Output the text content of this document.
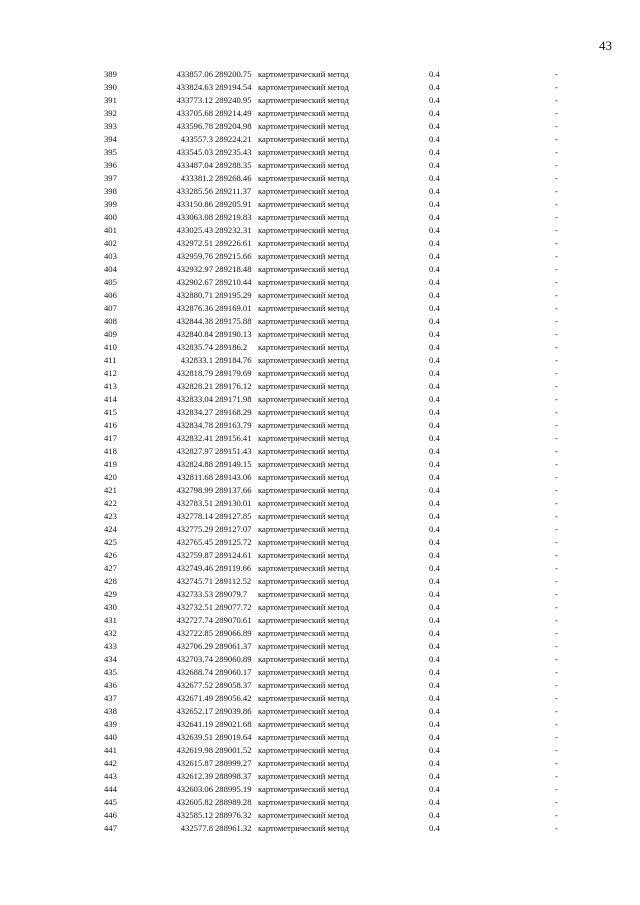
43
389	433857.06 289200.75 картометрический метод	0.4	-
390	433824.63 289194.54 картометрический метод	0.4	-
391	433773.12 289240.95 картометрический метод	0.4	-
392	433705.68 289214.49 картометрический метод	0.4	-
393	433596.78 289204.98 картометрический метод	0.4	-
394	433557.3 289224.21 картометрический метод	0.4	-
395	433545.03 289235.43 картометрический метод	0.4	-
396	433487.04 289288.35 картометрический метод	0.4	-
397	433381.2 289268.46 картометрический метод	0.4	-
398	433285.56 289211.37 картометрический метод	0.4	-
399	433150.86 289205.91 картометрический метод	0.4	-
400	433063.08 289219.83 картометрический метод	0.4	-
401	433025.43 289232.31 картометрический метод	0.4	-
402	432972.51 289226.61 картометрический метод	0.4	-
403	432959.76 289215.66 картометрический метод	0.4	-
404	432932.97 289218.48 картометрический метод	0.4	-
405	432902.67 289210.44 картометрический метод	0.4	-
406	432880.71 289195.29 картометрический метод	0.4	-
407	432876.36 289169.01 картометрический метод	0.4	-
408	432844.38 289175.88 картометрический метод	0.4	-
409	432840.84 289190.13 картометрический метод	0.4	-
410	432835.74 289186.2	картометрический метод	0.4	-
411	432833.1 289184.76 картометрический метод	0.4	-
412	432818.79 289179.69 картометрический метод	0.4	-
413	432828.21 289176.12 картометрический метод	0.4	-
414	432833.04 289171.98 картометрический метод	0.4	-
415	432834.27 289168.29 картометрический метод	0.4	-
416	432834.78 289163.79 картометрический метод	0.4	-
417	432832.41 289156.41 картометрический метод	0.4	-
418	432827.97 289151.43 картометрический метод	0.4	-
419	432824.88 289149.15 картометрический метод	0.4	-
420	432811.68 289143.06 картометрический метод	0.4	-
421	432798.99 289137.66 картометрический метод	0.4	-
422	432783.51 289130.01 картометрический метод	0.4	-
423	432778.14 289127.85 картометрический метод	0.4	-
424	432775.29 289127.07 картометрический метод	0.4	-
425	432765.45 289125.72 картометрический метод	0.4	-
426	432759.87 289124.61 картометрический метод	0.4	-
427	432749.46 289119.66 картометрический метод	0.4	-
428	432745.71 289112.52 картометрический метод	0.4	-
429	432733.53 289079.7	картометрический метод	0.4	-
430	432732.51 289077.72 картометрический метод	0.4	-
431	432727.74 289070.61 картометрический метод	0.4	-
432	432722.85 289066.89 картометрический метод	0.4	-
433	432706.29 289061.37 картометрический метод	0.4	-
434	432703.74 289060.89 картометрический метод	0.4	-
435	432688.74 289060.17 картометрический метод	0.4	-
436	432677.52 289058.37 картометрический метод	0.4	-
437	432671.49 289056.42 картометрический метод	0.4	-
438	432652.17 289039.86 картометрический метод	0.4	-
439	432641.19 289021.68 картометрический метод	0.4	-
440	432639.51 289019.64 картометрический метод	0.4	-
441	432619.98 289001.52 картометрический метод	0.4	-
442	432615.87 288999.27 картометрический метод	0.4	-
443	432612.39 288998.37 картометрический метод	0.4	-
444	432603.06 288995.19 картометрический метод	0.4	-
445	432605.82 288989.28 картометрический метод	0.4	-
446	432585.12 288976.32 картометрический метод	0.4	-
447	432577.8 288961.32 картометрический метод	0.4	-
